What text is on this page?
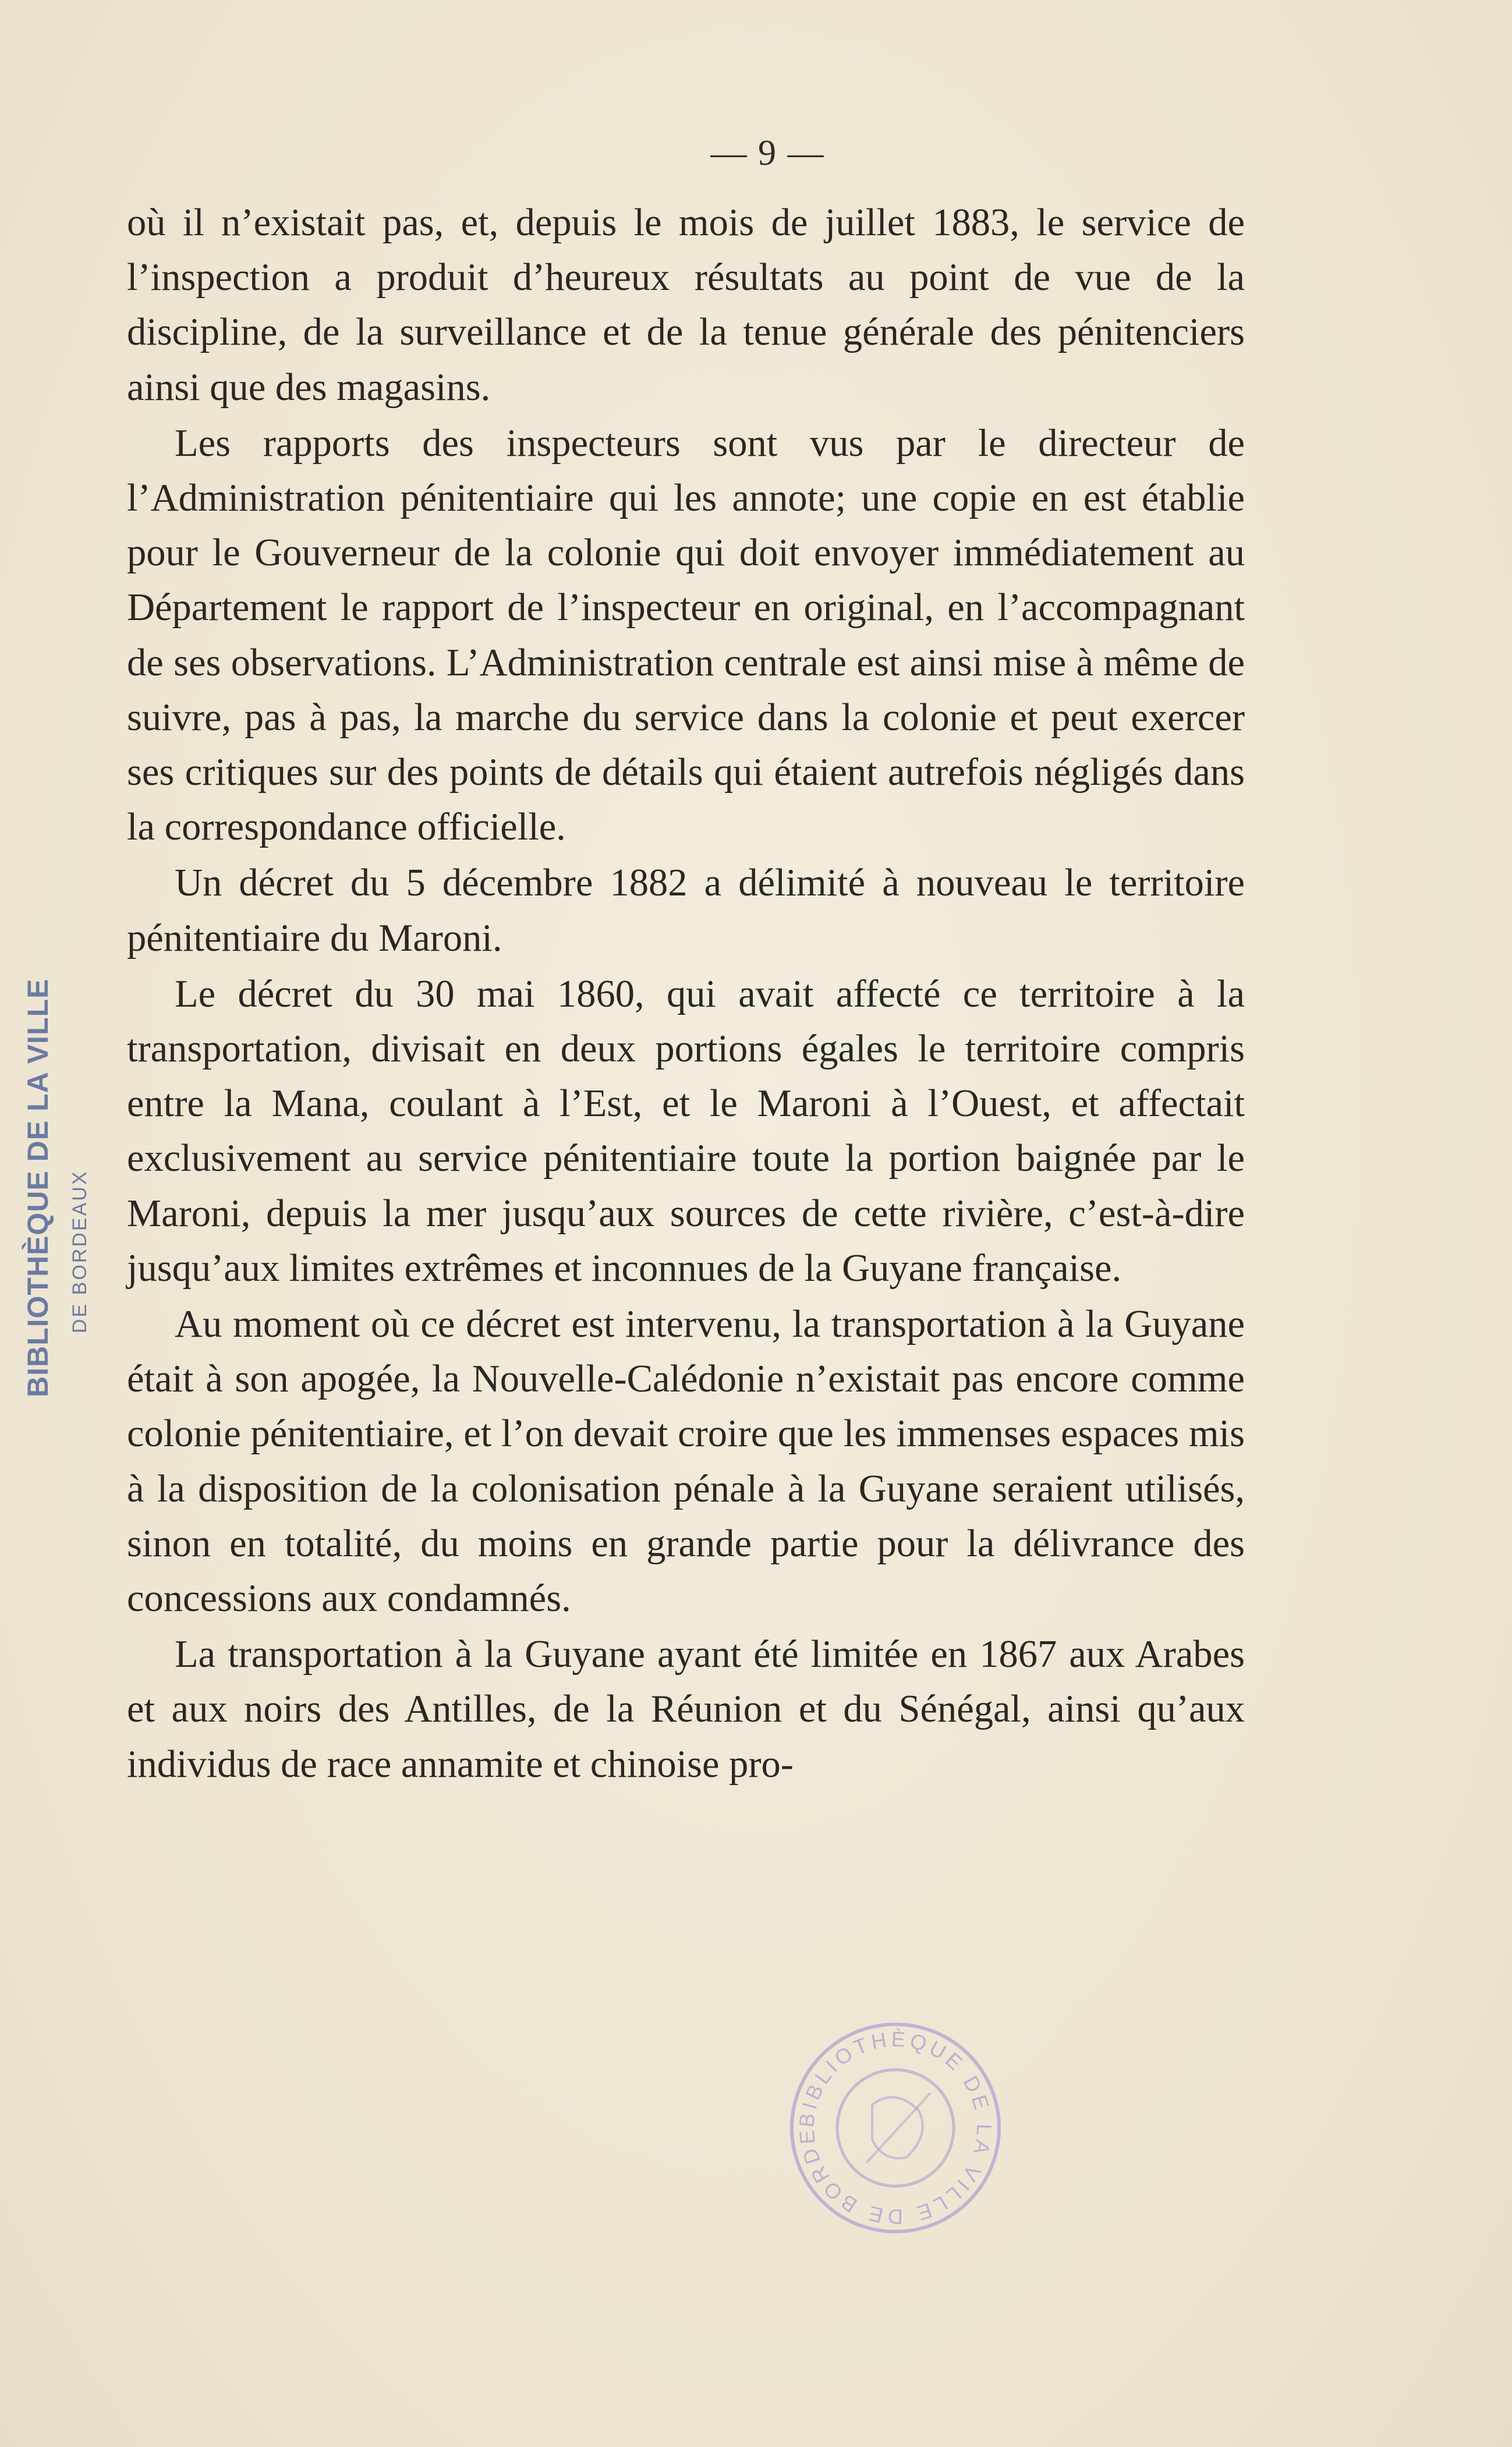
— 9 —

où il n’existait pas, et, depuis le mois de juillet 1883, le service de l’inspection a produit d’heureux résultats au point de vue de la discipline, de la surveillance et de la tenue générale des pénitenciers ainsi que des magasins.

Les rapports des inspecteurs sont vus par le directeur de l’Administration pénitentiaire qui les annote; une copie en est établie pour le Gouverneur de la colonie qui doit envoyer immédiatement au Département le rapport de l’inspecteur en original, en l’accompagnant de ses observations. L’Administration centrale est ainsi mise à même de suivre, pas à pas, la marche du service dans la colonie et peut exercer ses critiques sur des points de détails qui étaient autrefois négligés dans la correspondance officielle.

Un décret du 5 décembre 1882 a délimité à nouveau le territoire pénitentiaire du Maroni.

Le décret du 30 mai 1860, qui avait affecté ce territoire à la transportation, divisait en deux portions égales le territoire compris entre la Mana, coulant à l’Est, et le Maroni à l’Ouest, et affectait exclusivement au service pénitentiaire toute la portion baignée par le Maroni, depuis la mer jusqu’aux sources de cette rivière, c’est-à-dire jusqu’aux limites extrêmes et inconnues de la Guyane française.

Au moment où ce décret est intervenu, la transportation à la Guyane était à son apogée, la Nouvelle-Calédonie n’existait pas encore comme colonie pénitentiaire, et l’on devait croire que les immenses espaces mis à la disposition de la colonisation pénale à la Guyane seraient utilisés, sinon en totalité, du moins en grande partie pour la délivrance des concessions aux condamnés.

La transportation à la Guyane ayant été limitée en 1867 aux Arabes et aux noirs des Antilles, de la Réunion et du Sénégal, ainsi qu’aux individus de race annamite et chinoise pro-

BIBLIOTHÈQUE DE LA VILLE DE BORDEAUX
BIBLIOTHÈQUE DE LA VILLE DE BORDE
